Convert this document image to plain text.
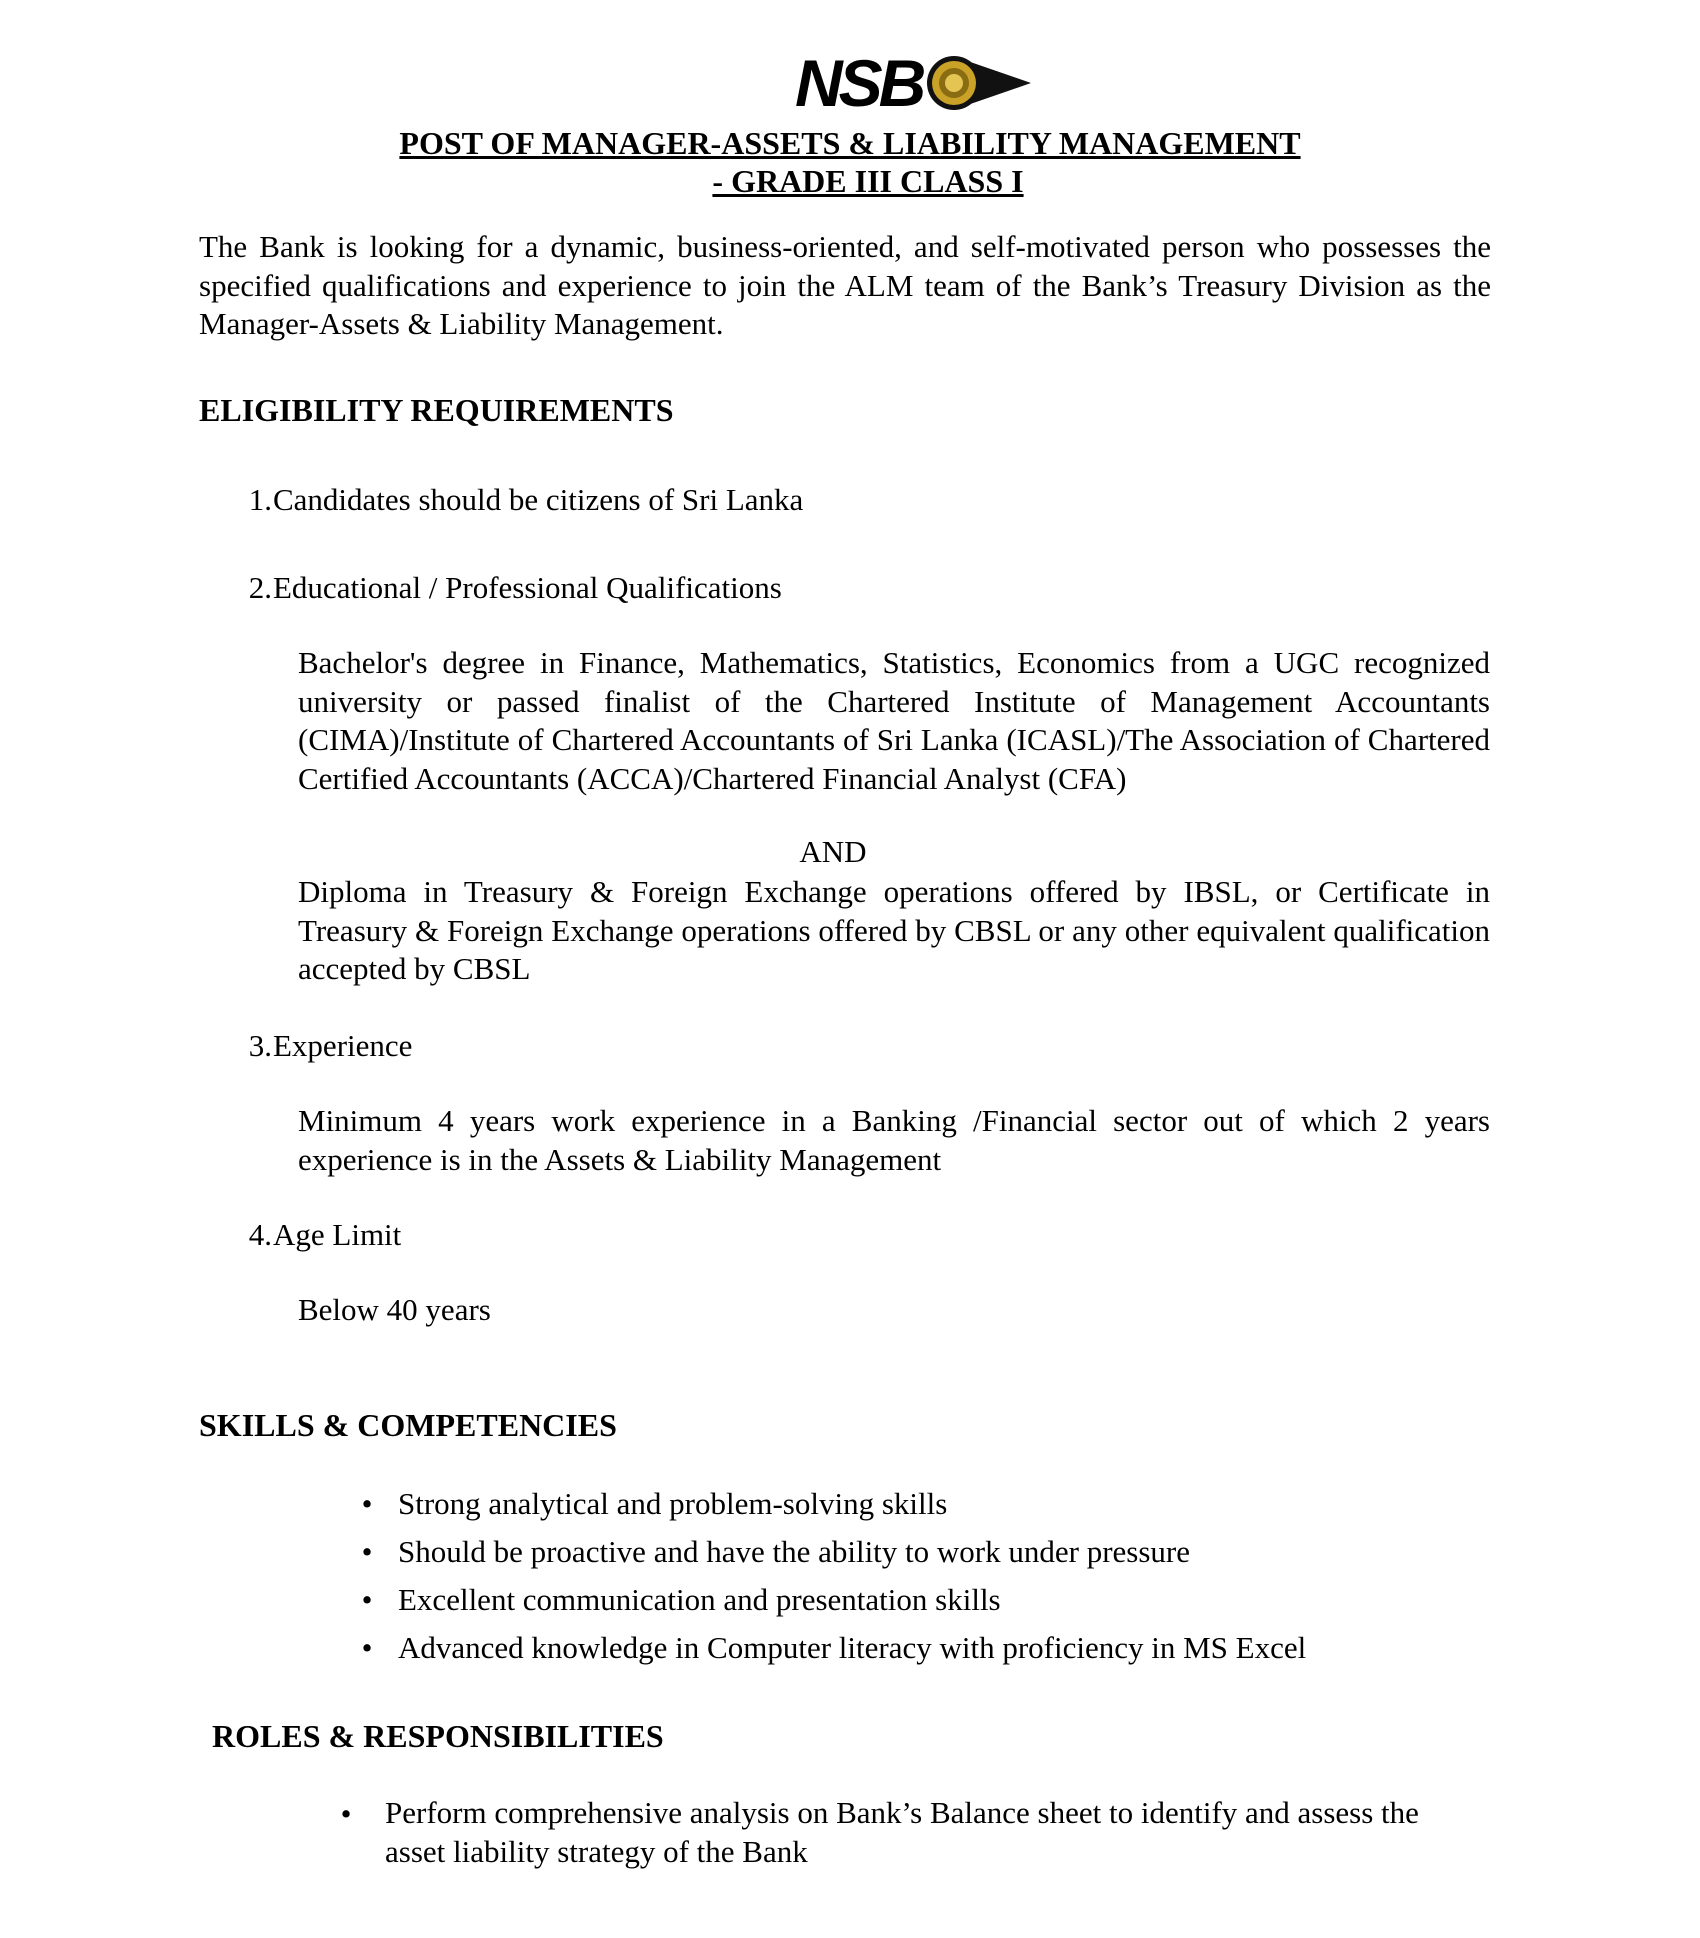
NSB
POST OF MANAGER-ASSETS & LIABILITY MANAGEMENT
- GRADE III CLASS I
The Bank is looking for a dynamic, business-oriented, and self-motivated person who possesses the specified qualifications and experience to join the ALM team of the Bank’s Treasury Division as the Manager-Assets & Liability Management.
ELIGIBILITY REQUIREMENTS
1. Candidates should be citizens of Sri Lanka
2. Educational / Professional Qualifications
Bachelor's degree in Finance, Mathematics, Statistics, Economics from a UGC recognized university or passed finalist of the Chartered Institute of Management Accountants (CIMA)/Institute of Chartered Accountants of Sri Lanka (ICASL)/The Association of Chartered Certified Accountants (ACCA)/Chartered Financial Analyst (CFA)
AND
Diploma in Treasury & Foreign Exchange operations offered by IBSL, or Certificate in Treasury & Foreign Exchange operations offered by CBSL or any other equivalent qualification accepted by CBSL
3. Experience
Minimum 4 years work experience in a Banking /Financial sector out of which 2 years experience is in the Assets & Liability Management
4. Age Limit
Below 40 years
SKILLS & COMPETENCIES
• Strong analytical and problem-solving skills
• Should be proactive and have the ability to work under pressure
• Excellent communication and presentation skills
• Advanced knowledge in Computer literacy with proficiency in MS Excel
ROLES & RESPONSIBILITIES
•	Perform comprehensive analysis on Bank’s Balance sheet to identify and assess the asset liability strategy of the Bank
